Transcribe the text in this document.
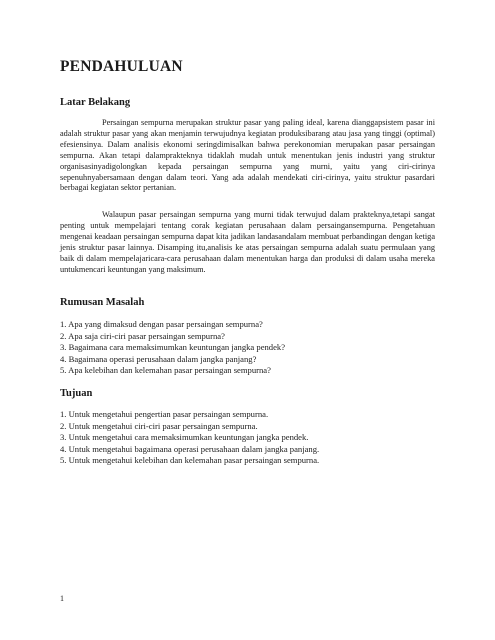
PENDAHULUAN
Latar Belakang

Persaingan sempurna merupakan struktur pasar yang paling ideal, karena dianggapsistem pasar ini adalah struktur pasar yang akan menjamin terwujudnya kegiatan produksibarang atau jasa yang tinggi (optimal) efesiensinya. Dalam analisis ekonomi seringdimisalkan bahwa perekonomian merupakan pasar persaingan sempurna. Akan tetapi dalamprakteknya tidaklah mudah untuk menentukan jenis industri yang struktur organisasinyadigolongkan kepada persaingan sempurna yang murni, yaitu yang ciri-cirinya sepenuhnyabersamaan dengan dalam teori. Yang ada adalah mendekati ciri-cirinya, yaitu struktur pasardari berbagai kegiatan sektor pertanian.

Walaupun pasar persaingan sempurna yang murni tidak terwujud dalam prakteknya,tetapi sangat penting untuk mempelajari tentang corak kegiatan perusahaan dalam persaingansempurna. Pengetahuan mengenai keadaan persaingan sempurna dapat kita jadikan landasandalam membuat perbandingan dengan ketiga jenis struktur pasar lainnya. Disamping itu,analisis ke atas persaingan sempurna adalah suatu permulaan yang baik di dalam mempelajaricara-cara perusahaan dalam menentukan harga dan produksi di dalam usaha mereka untukmencari keuntungan yang maksimum.

Rumusan Masalah
1. Apa yang dimaksud dengan pasar persaingan sempurna?
2. Apa saja ciri-ciri pasar persaingan sempurna?
3. Bagaimana cara memaksimumkan keuntungan jangka pendek?
4. Bagaimana operasi perusahaan dalam jangka panjang?
5. Apa kelebihan dan kelemahan pasar persaingan sempurna?
Tujuan
1. Untuk mengetahui pengertian pasar persaingan sempurna.
2. Untuk mengetahui ciri-ciri pasar persaingan sempurna.
3. Untuk mengetahui cara memaksimumkan keuntungan jangka pendek.
4. Untuk mengetahui bagaimana operasi perusahaan dalam jangka panjang.
5. Untuk mengetahui kelebihan dan kelemahan pasar persaingan sempurna.

1
